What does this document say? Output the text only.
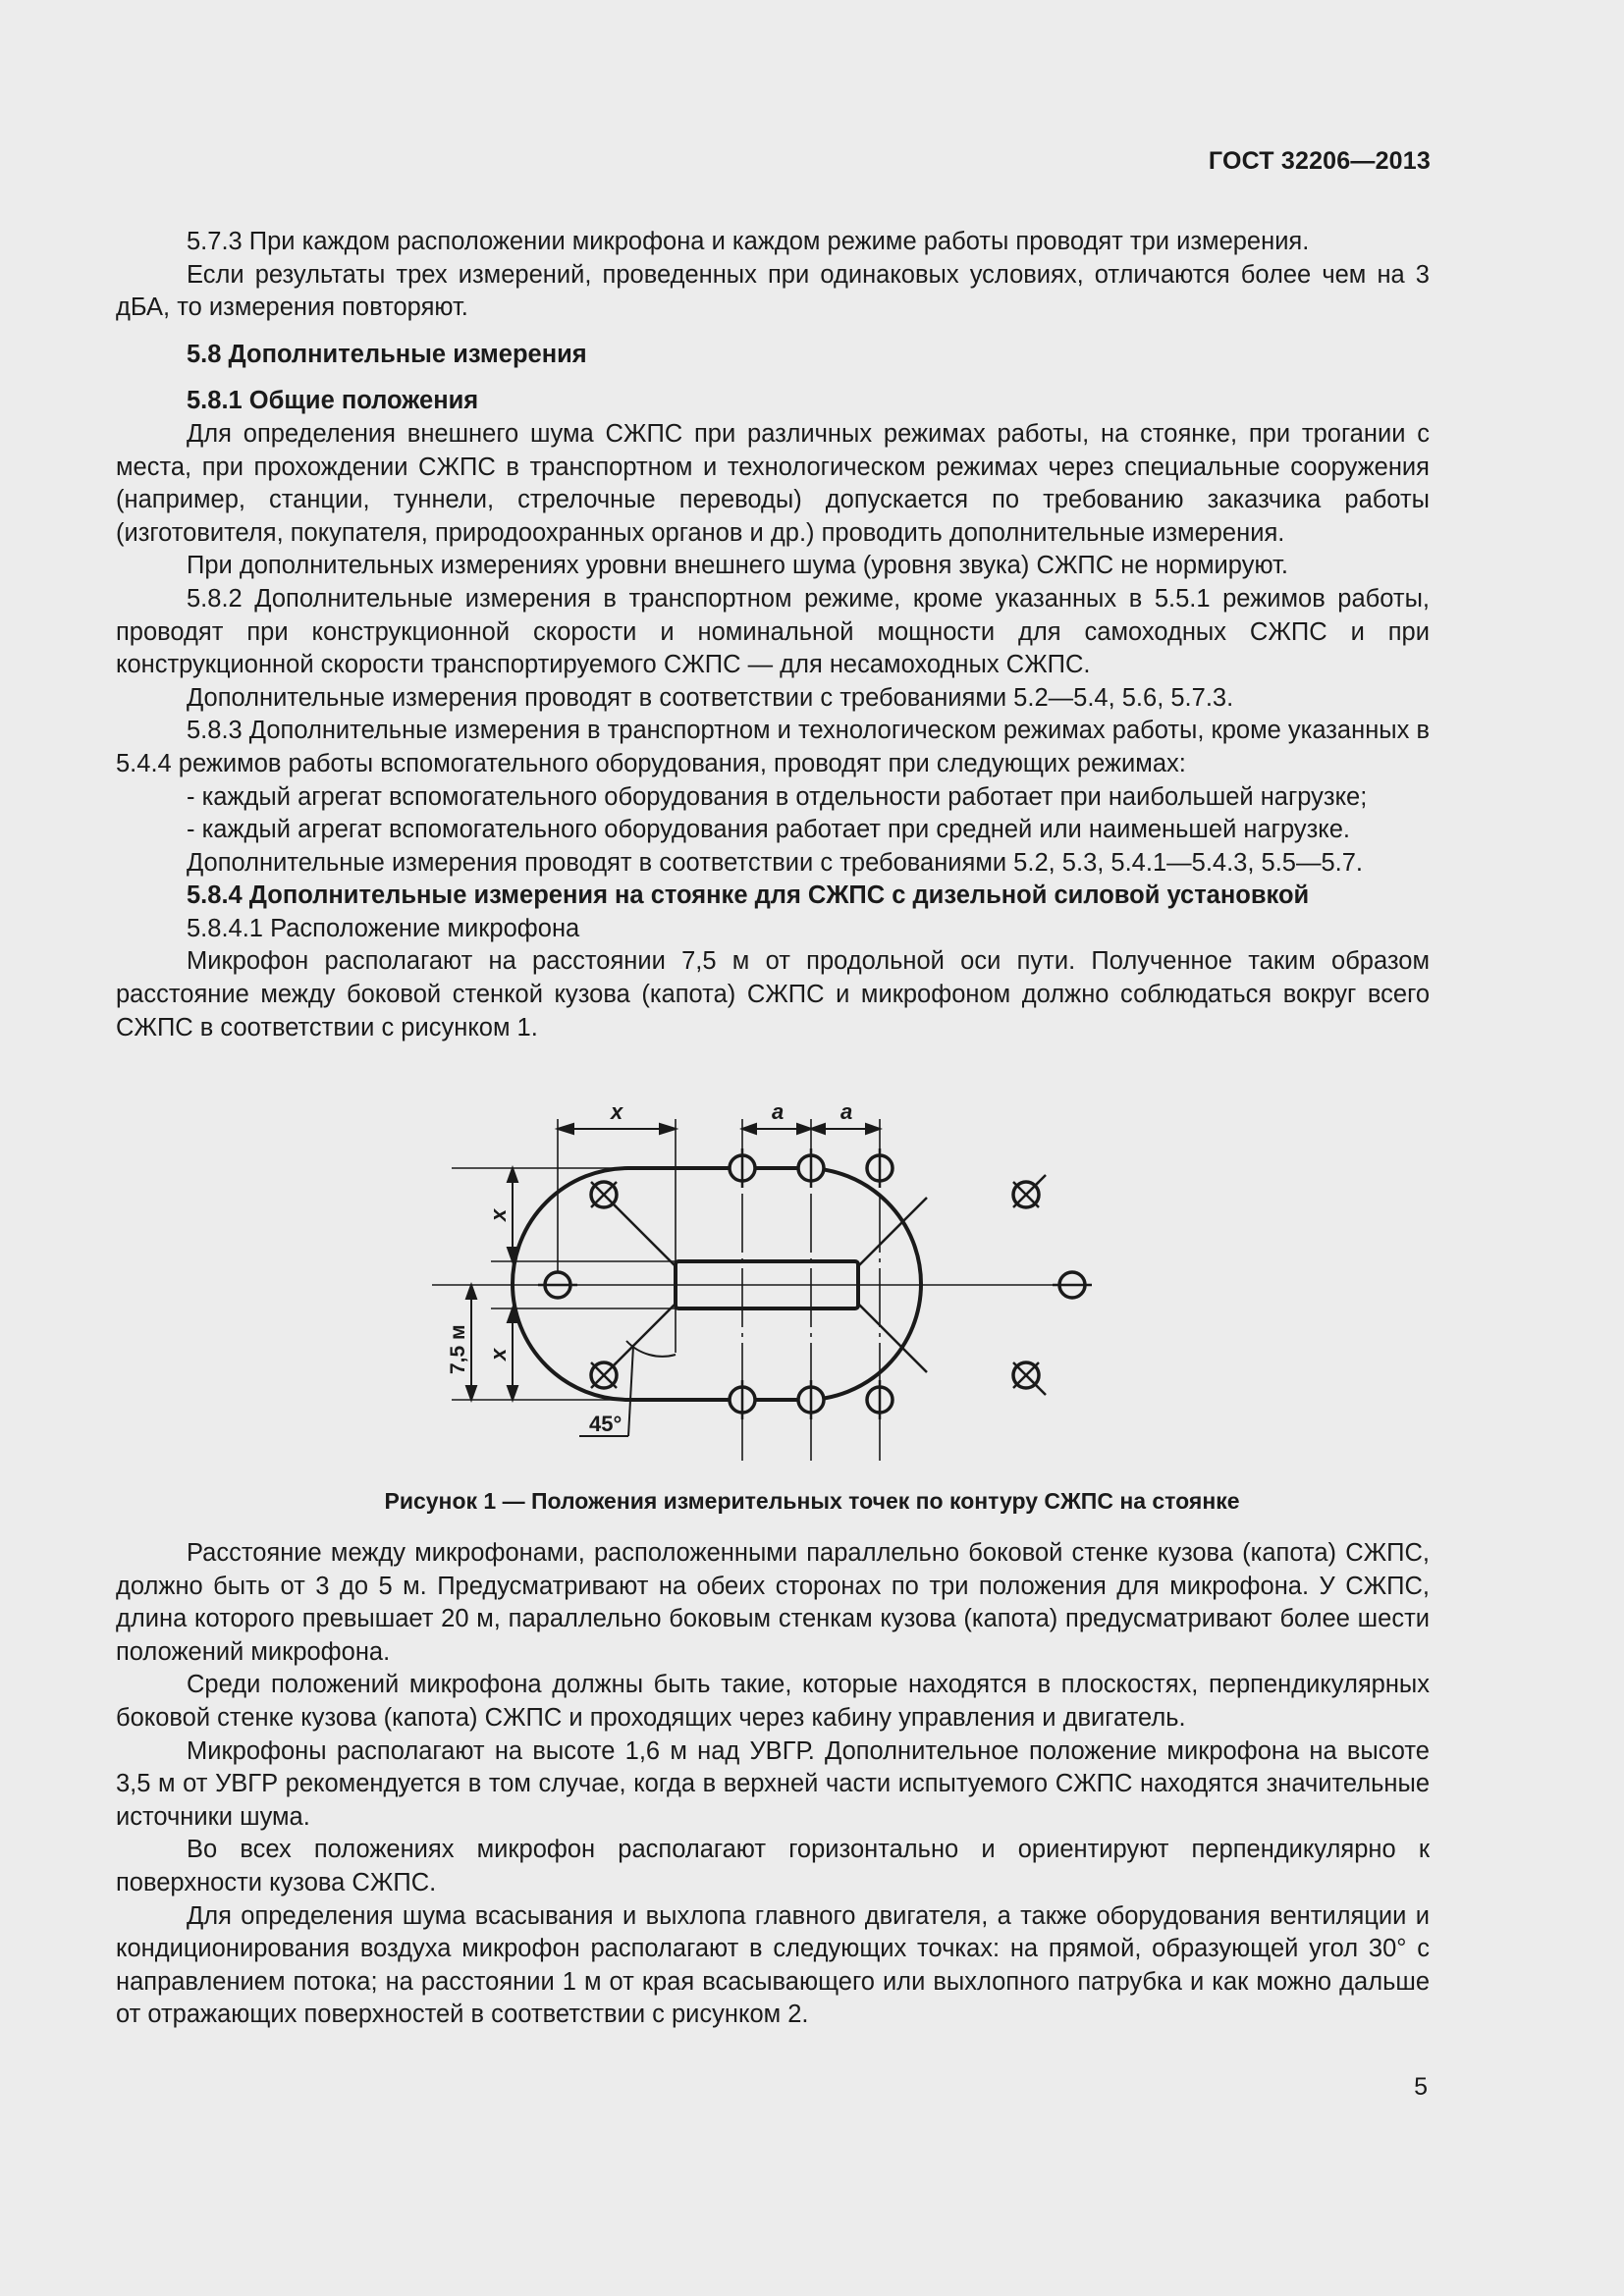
ГОСТ 32206—2013

5.7.3 При каждом расположении микрофона и каждом режиме работы проводят три измерения.

Если результаты трех измерений, проведенных при одинаковых условиях, отличаются более чем на 3 дБА, то измерения повторяют.

5.8 Дополнительные измерения

5.8.1 Общие положения

Для определения внешнего шума СЖПС при различных режимах работы, на стоянке, при трогании с места, при прохождении СЖПС в транспортном и технологическом режимах через специальные сооружения (например, станции, туннели, стрелочные переводы) допускается по требованию заказчика работы (изготовителя, покупателя, природоохранных органов и др.) проводить дополнительные измерения.

При дополнительных измерениях уровни внешнего шума (уровня звука) СЖПС не нормируют.

5.8.2 Дополнительные измерения в транспортном режиме, кроме указанных в 5.5.1 режимов работы, проводят при конструкционной скорости и номинальной мощности для самоходных СЖПС и при конструкционной скорости транспортируемого СЖПС — для несамоходных СЖПС.

Дополнительные измерения проводят в соответствии с требованиями 5.2—5.4, 5.6, 5.7.3.

5.8.3 Дополнительные измерения в транспортном и технологическом режимах работы, кроме указанных в 5.4.4 режимов работы вспомогательного оборудования, проводят при следующих режимах:

- каждый агрегат вспомогательного оборудования в отдельности работает при наибольшей нагрузке;

- каждый агрегат вспомогательного оборудования работает при средней или наименьшей нагрузке.

Дополнительные измерения проводят в соответствии с требованиями 5.2, 5.3, 5.4.1—5.4.3, 5.5—5.7.

5.8.4 Дополнительные измерения на стоянке для СЖПС с дизельной силовой установкой

5.8.4.1 Расположение микрофона

Микрофон располагают на расстоянии 7,5 м от продольной оси пути. Полученное таким образом расстояние между боковой стенкой кузова (капота) СЖПС и микрофоном должно соблюдаться вокруг всего СЖПС в соответствии с рисунком 1.

x	a	a
x
x
45°
7,5 м
Рисунок 1 — Положения измерительных точек по контуру СЖПС на стоянке

Расстояние между микрофонами, расположенными параллельно боковой стенке кузова (капота) СЖПС, должно быть от 3 до 5 м. Предусматривают на обеих сторонах по три положения для микрофона. У СЖПС, длина которого превышает 20 м, параллельно боковым стенкам кузова (капота) предусматривают более шести положений микрофона.

Среди положений микрофона должны быть такие, которые находятся в плоскостях, перпендикулярных боковой стенке кузова (капота) СЖПС и проходящих через кабину управления и двигатель.

Микрофоны располагают на высоте 1,6 м над УВГР. Дополнительное положение микрофона на высоте 3,5 м от УВГР рекомендуется в том случае, когда в верхней части испытуемого СЖПС находятся значительные источники шума.

Во всех положениях микрофон располагают горизонтально и ориентируют перпендикулярно к поверхности кузова СЖПС.

Для определения шума всасывания и выхлопа главного двигателя, а также оборудования вентиляции и кондиционирования воздуха микрофон располагают в следующих точках: на прямой, образующей угол 30° с направлением потока; на расстоянии 1 м от края всасывающего или выхлопного патрубка и как можно дальше от отражающих поверхностей в соответствии с рисунком 2.

5
